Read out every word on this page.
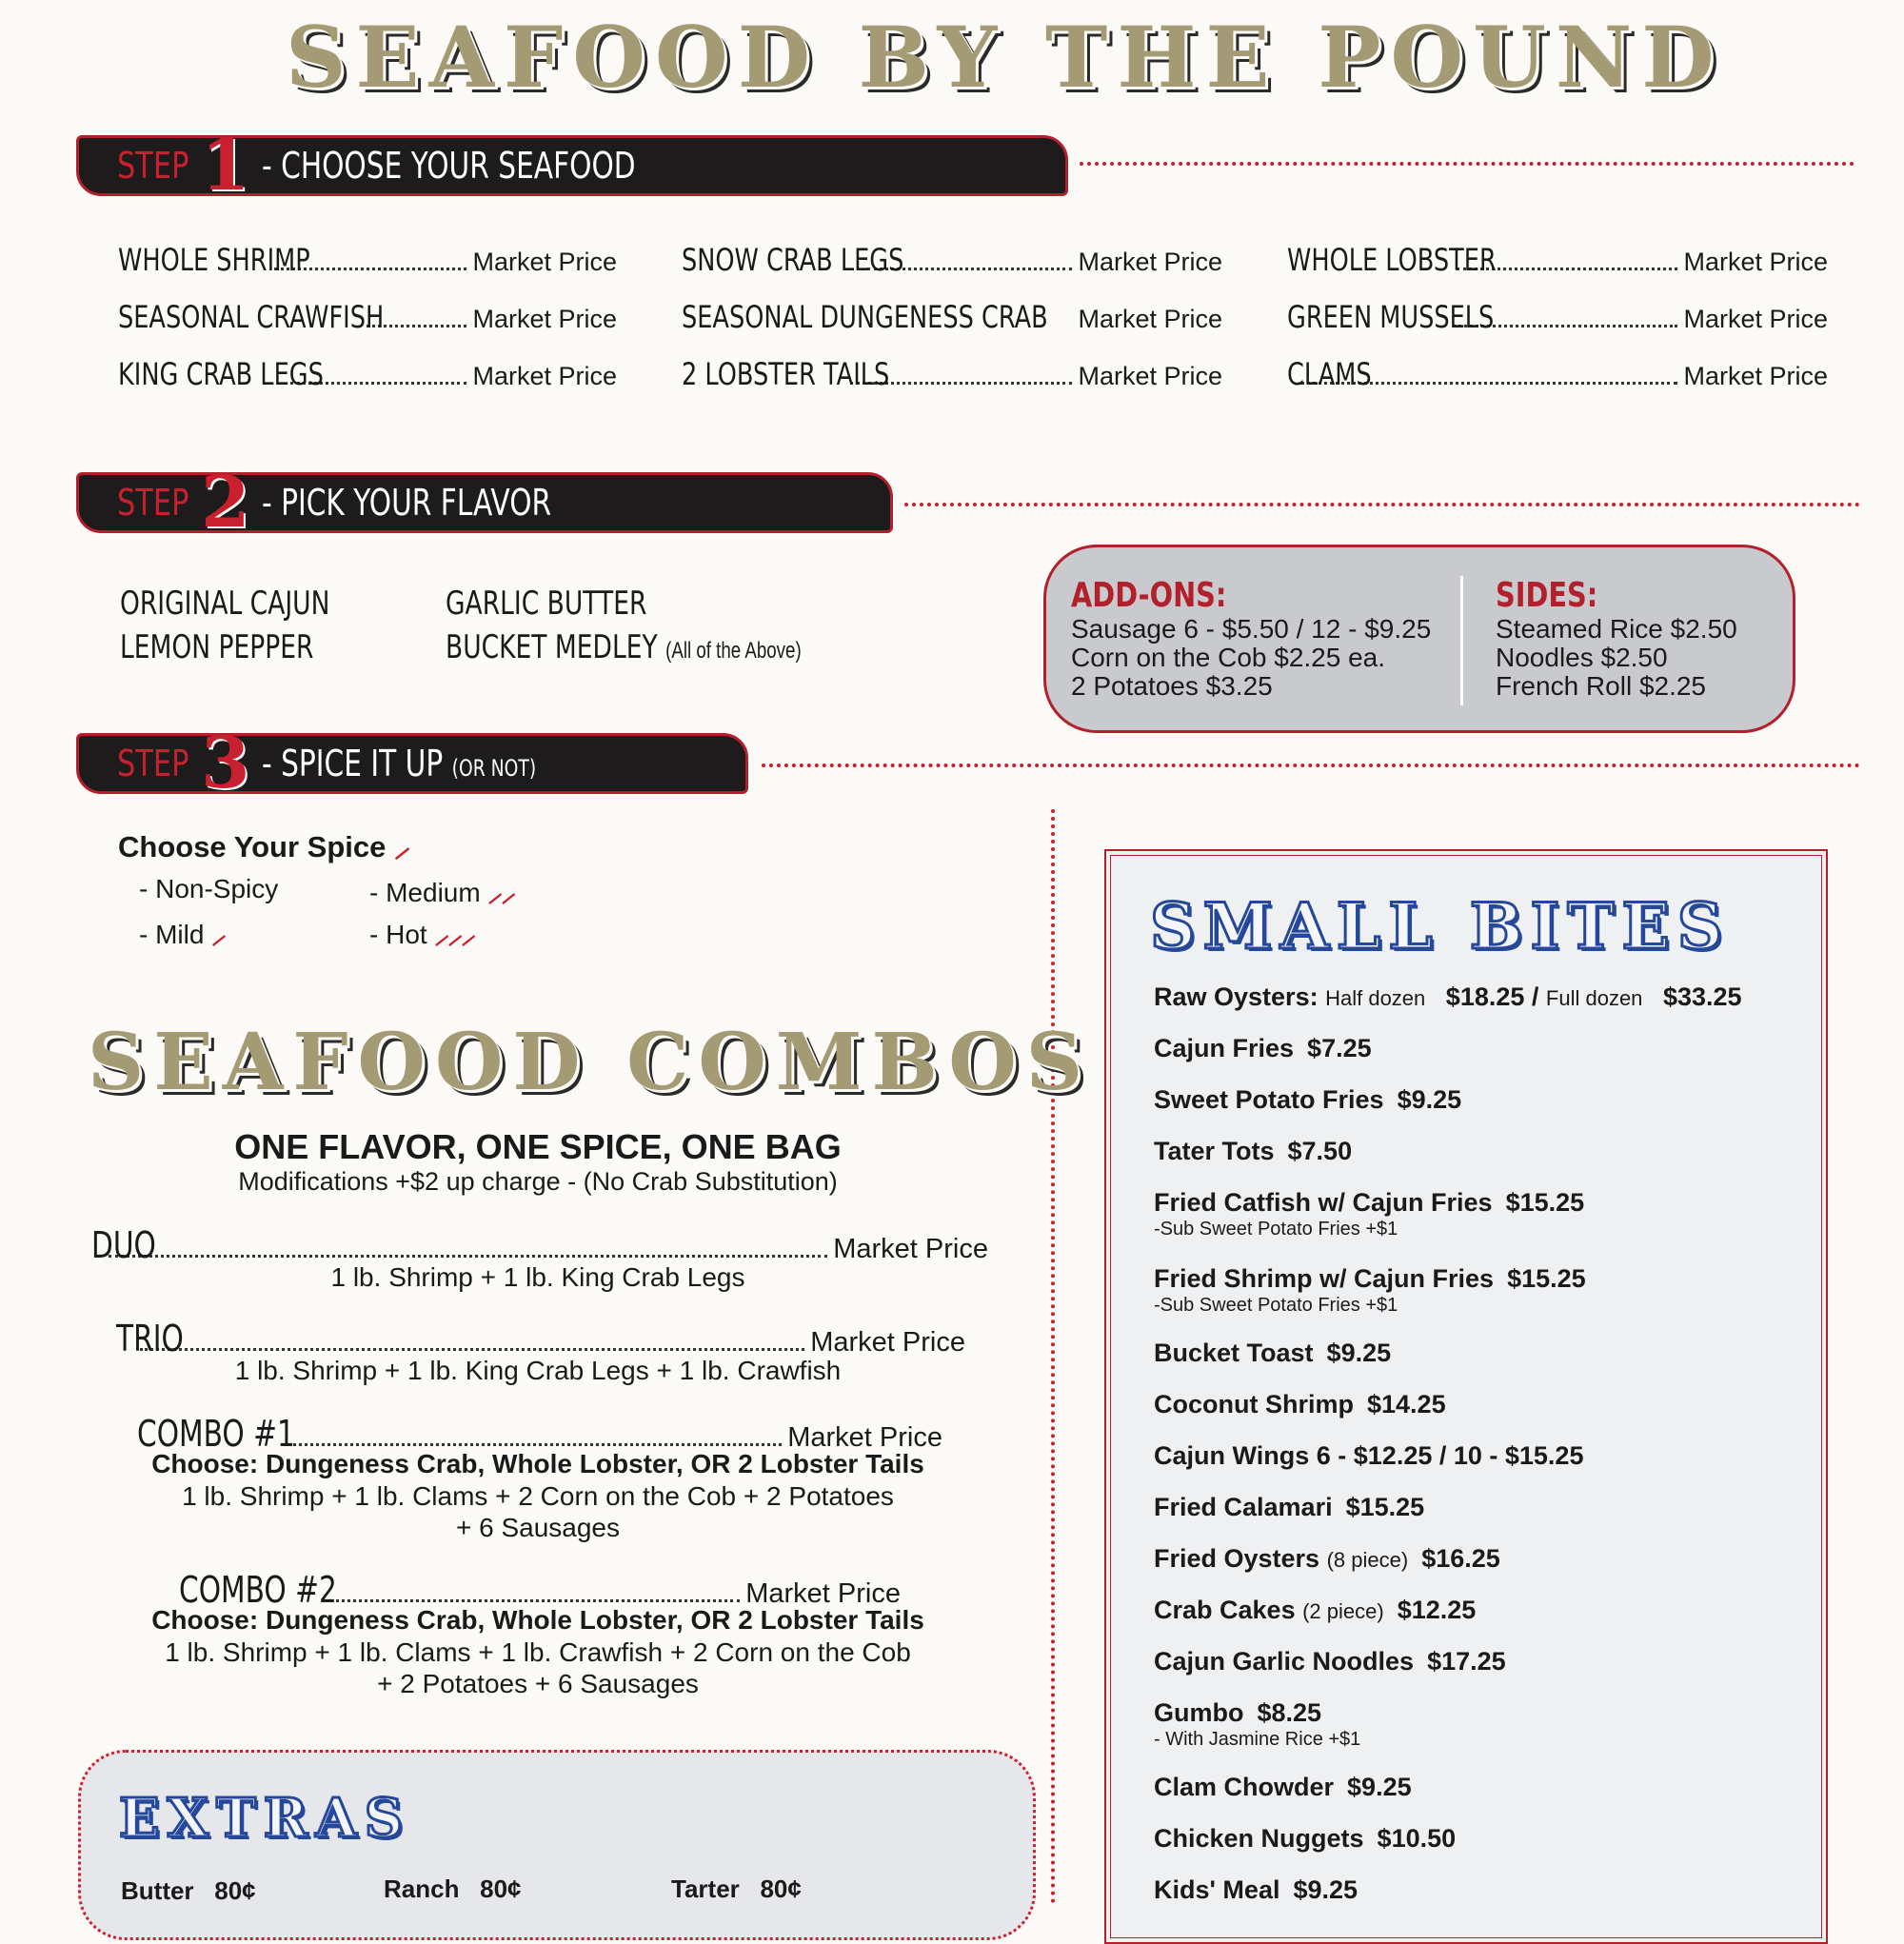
SEAFOOD BY THE POUND
STEP 1 - CHOOSE YOUR SEAFOOD
WHOLE SHRIMP	Market Price
SEASONAL CRAWFISH	Market Price
KING CRAB LEGS	Market Price
SNOW CRAB LEGS	Market Price
SEASONAL DUNGENESS CRAB Market Price
2 LOBSTER TAILS	Market Price
WHOLE LOBSTER	Market Price
GREEN MUSSELS	Market Price
CLAMS	Market Price
STEP 2 - PICK YOUR FLAVOR
ORIGINAL CAJUN
LEMON PEPPER
GARLIC BUTTER
BUCKET MEDLEY (All of the Above)
ADD-ONS:
Sausage 6 - $5.50 / 12 - $9.25
Corn on the Cob $2.25 ea.
2 Potatoes $3.25
SIDES:
Steamed Rice $2.50
Noodles $2.50
French Roll $2.25
STEP 3 - SPICE IT UP (OR NOT)
Choose Your Spice ⸝
- Non-Spicy	- Medium ⸝⸝
- Mild ⸝	- Hot ⸝⸝⸝
SEAFOOD COMBOS
ONE FLAVOR, ONE SPICE, ONE BAG
Modifications +$2 up charge - (No Crab Substitution)
DUO	Market Price
1 lb. Shrimp + 1 lb. King Crab Legs
TRIO	Market Price
1 lb. Shrimp + 1 lb. King Crab Legs + 1 lb. Crawfish
COMBO #1	Market Price
Choose: Dungeness Crab, Whole Lobster, OR 2 Lobster Tails
1 lb. Shrimp + 1 lb. Clams + 2 Corn on the Cob + 2 Potatoes
+ 6 Sausages
COMBO #2	Market Price
Choose: Dungeness Crab, Whole Lobster, OR 2 Lobster Tails
1 lb. Shrimp + 1 lb. Clams + 1 lb. Crawfish + 2 Corn on the Cob
+ 2 Potatoes + 6 Sausages
EXTRAS
Butter 80¢	Ranch 80¢	Tarter 80¢
SMALL BITES
Raw Oysters: Half dozen $18.25 / Full dozen $33.25
Cajun Fries $7.25
Sweet Potato Fries $9.25
Tater Tots $7.50
Fried Catfish w/ Cajun Fries $15.25
-Sub Sweet Potato Fries +$1
Fried Shrimp w/ Cajun Fries $15.25
-Sub Sweet Potato Fries +$1
Bucket Toast $9.25
Coconut Shrimp $14.25
Cajun Wings 6 - $12.25 / 10 - $15.25
Fried Calamari $15.25
Fried Oysters (8 piece) $16.25
Crab Cakes (2 piece) $12.25
Cajun Garlic Noodles $17.25
Gumbo $8.25
- With Jasmine Rice +$1
Clam Chowder $9.25
Chicken Nuggets $10.50
Kids' Meal $9.25
